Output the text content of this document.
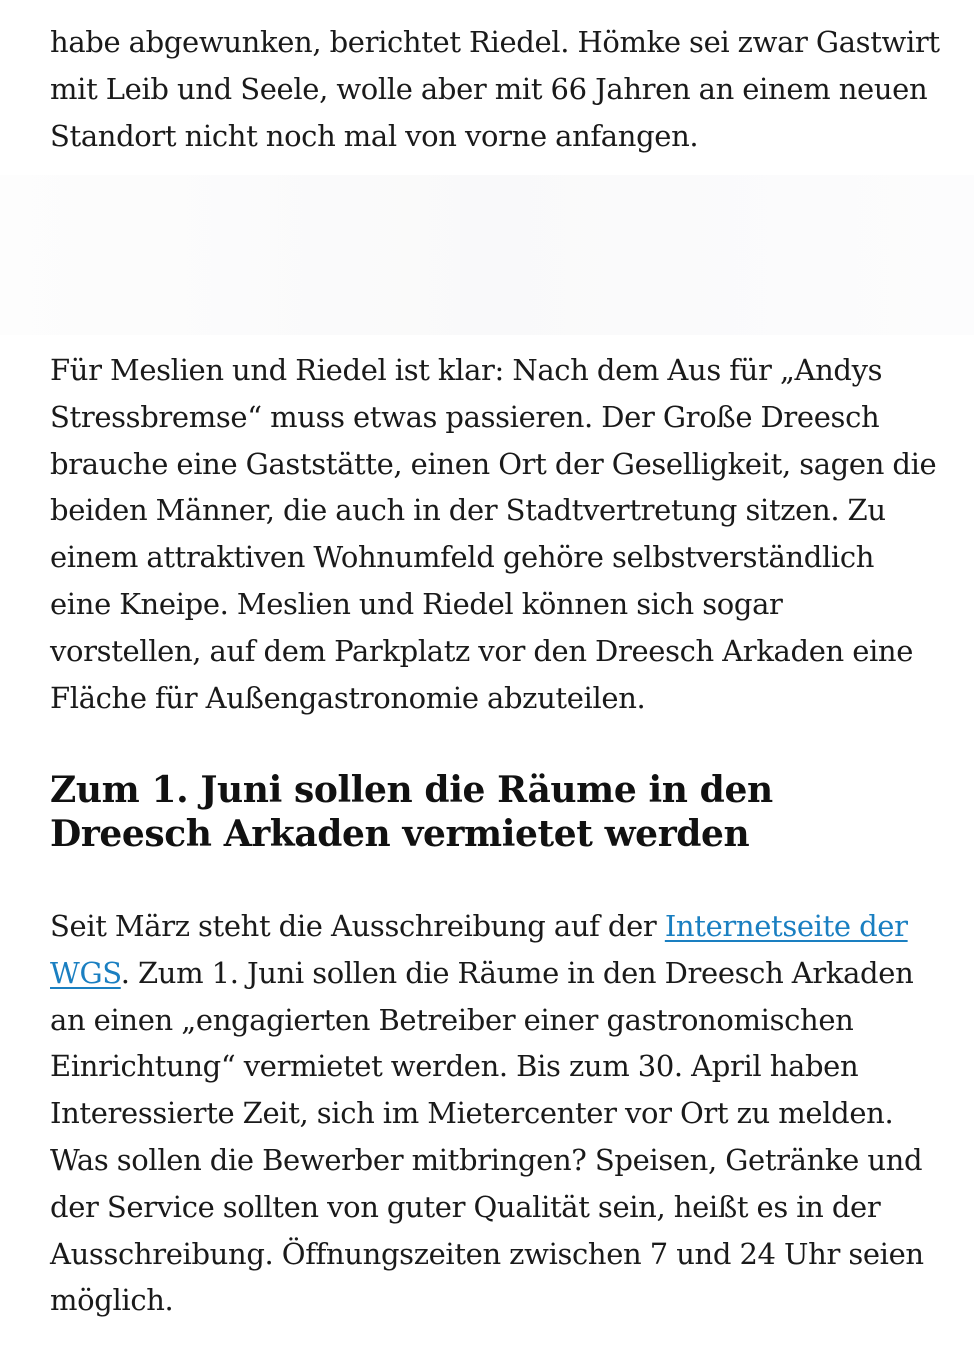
habe abgewunken, berichtet Riedel. Hömke sei zwar Gastwirt mit Leib und Seele, wolle aber mit 66 Jahren an einem neuen Standort nicht noch mal von vorne anfangen.

Für Meslien und Riedel ist klar: Nach dem Aus für „Andys Stressbremse“ muss etwas passieren. Der Große Dreesch brauche eine Gaststätte, einen Ort der Geselligkeit, sagen die beiden Männer, die auch in der Stadtvertretung sitzen. Zu einem attraktiven Wohnumfeld gehöre selbstverständlich eine Kneipe. Meslien und Riedel können sich sogar vorstellen, auf dem Parkplatz vor den Dreesch Arkaden eine Fläche für Außengastronomie abzuteilen.

Zum 1. Juni sollen die Räume in den Dreesch Arkaden vermietet werden

Seit März steht die Ausschreibung auf der Internetseite der WGS. Zum 1. Juni sollen die Räume in den Dreesch Arkaden an einen „engagierten Betreiber einer gastronomischen Einrichtung“ vermietet werden. Bis zum 30. April haben Interessierte Zeit, sich im Mietercenter vor Ort zu melden. Was sollen die Bewerber mitbringen? Speisen, Getränke und der Service sollten von guter Qualität sein, heißt es in der Ausschreibung. Öffnungszeiten zwischen 7 und 24 Uhr seien möglich.
